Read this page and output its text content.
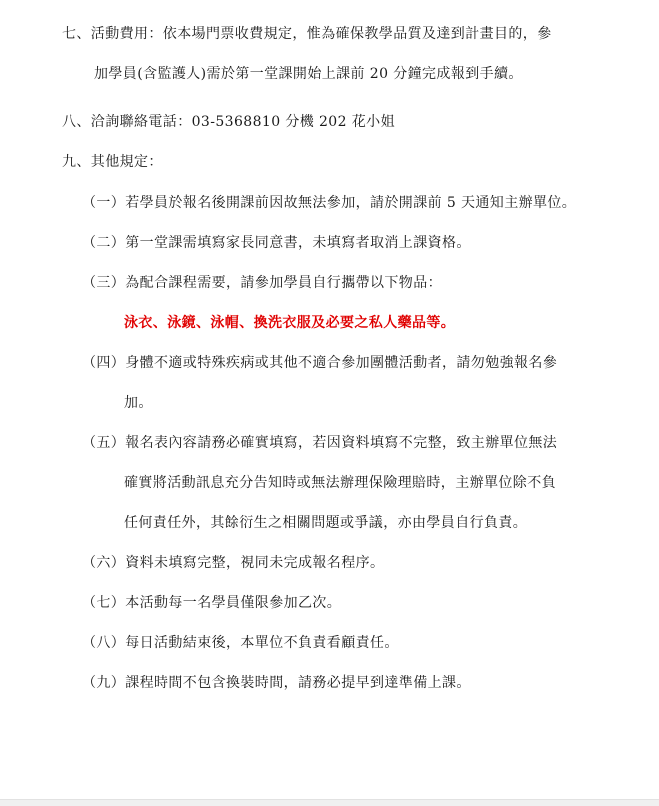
七、活動費用：依本場門票收費規定，惟為確保教學品質及達到計畫目的，參
加學員(含監護人)需於第一堂課開始上課前 20 分鐘完成報到手續。
八、洽詢聯絡電話：03-5368810 分機 202 花小姐
九、其他規定：
（一）若學員於報名後開課前因故無法參加，請於開課前 5 天通知主辦單位。
（二）第一堂課需填寫家長同意書，未填寫者取消上課資格。
（三）為配合課程需要，請參加學員自行攜帶以下物品：
泳衣、泳鏡、泳帽、換洗衣服及必要之私人藥品等。
（四）身體不適或特殊疾病或其他不適合參加團體活動者，請勿勉強報名參
加。
（五）報名表內容請務必確實填寫，若因資料填寫不完整，致主辦單位無法
確實將活動訊息充分告知時或無法辦理保險理賠時，主辦單位除不負
任何責任外，其餘衍生之相關問題或爭議，亦由學員自行負責。
（六）資料未填寫完整，視同未完成報名程序。
（七）本活動每一名學員僅限參加乙次。
（八）每日活動結束後，本單位不負責看顧責任。
（九）課程時間不包含換裝時間，請務必提早到達準備上課。
